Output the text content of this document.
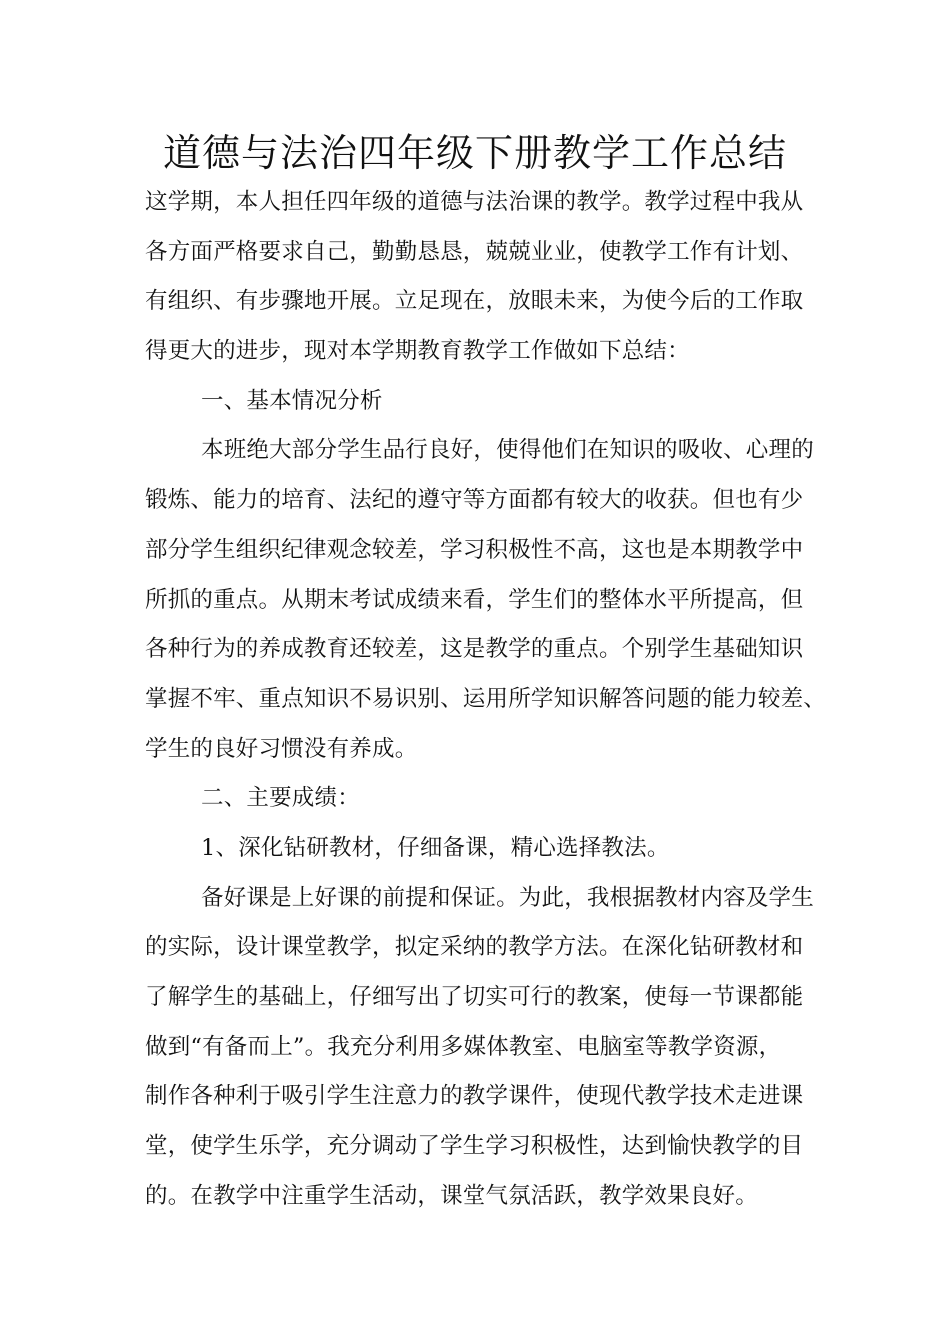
道德与法治四年级下册教学工作总结
这学期，本人担任四年级的道德与法治课的教学。教学过程中我从
各方面严格要求自己，勤勤恳恳，兢兢业业，使教学工作有计划、
有组织、有步骤地开展。立足现在，放眼未来，为使今后的工作取
得更大的进步，现对本学期教育教学工作做如下总结：
一、基本情况分析
本班绝大部分学生品行良好，使得他们在知识的吸收、心理的
锻炼、能力的培育、法纪的遵守等方面都有较大的收获。但也有少
部分学生组织纪律观念较差，学习积极性不高，这也是本期教学中
所抓的重点。从期末考试成绩来看，学生们的整体水平所提高，但
各种行为的养成教育还较差，这是教学的重点。个别学生基础知识
掌握不牢、重点知识不易识别、运用所学知识解答问题的能力较差、
学生的良好习惯没有养成。
二、主要成绩：
1、深化钻研教材，仔细备课，精心选择教法。
备好课是上好课的前提和保证。为此，我根据教材内容及学生
的实际，设计课堂教学，拟定采纳的教学方法。在深化钻研教材和
了解学生的基础上，仔细写出了切实可行的教案，使每一节课都能
做到“有备而上”。我充分利用多媒体教室、电脑室等教学资源，
制作各种利于吸引学生注意力的教学课件，使现代教学技术走进课
堂，使学生乐学，充分调动了学生学习积极性，达到愉快教学的目
的。在教学中注重学生活动，课堂气氛活跃，教学效果良好。
